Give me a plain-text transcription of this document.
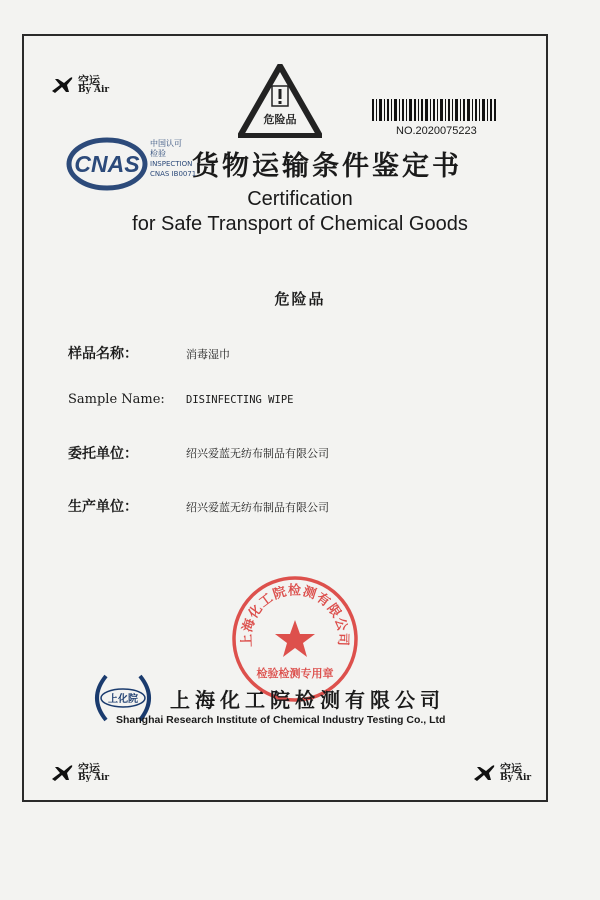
空运
By Air
空运
By Air
空运
By Air
危险品
NO.2020075223
CNAS
中国认可
检验
INSPECTION
CNAS IB0071
货物运输条件鉴定书
Certification
for Safe Transport of Chemical Goods
危险品
样品名称：	消毒湿巾
Sample Name: DISINFECTING WIPE
委托单位：	绍兴爱蓝无纺布制品有限公司
生产单位：	绍兴爱蓝无纺布制品有限公司
上海化工院检测有限公司
检验检测专用章
上化院 上海化工院检测有限公司
Shanghai Research Institute of Chemical Industry Testing Co., Ltd
